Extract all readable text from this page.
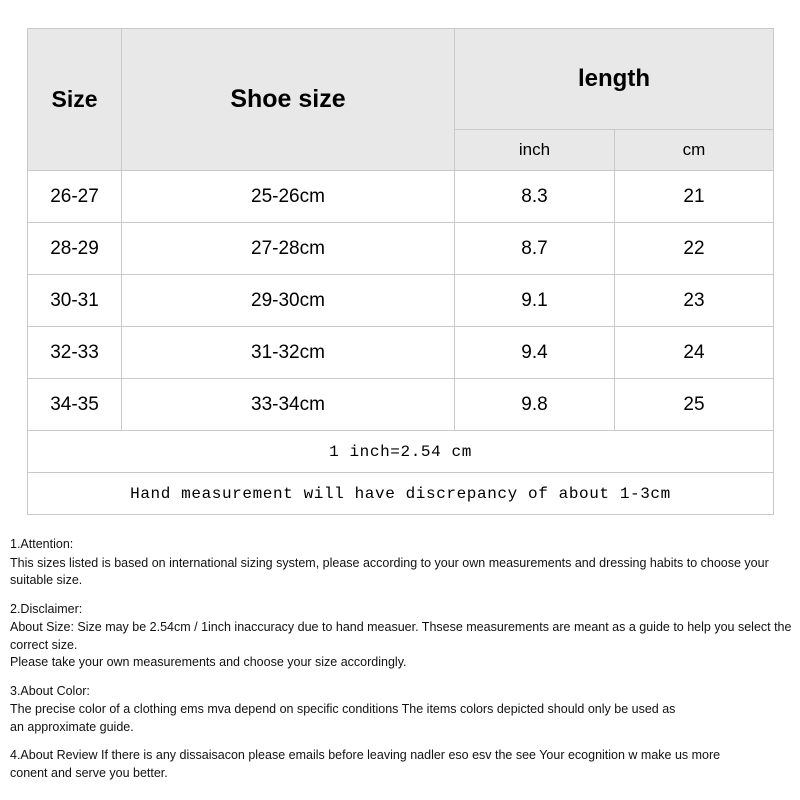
Size	Shoe size	length	
		inch	cm
26-27	25-26cm	8.3	21
28-29	27-28cm	8.7	22
30-31	29-30cm	9.1	23
32-33	31-32cm	9.4	24
34-35	33-34cm	9.8	25
1 inch=2.54 cm			
Hand measurement will have discrepancy of about 1-3cm			

1.Attention:

This sizes listed is based on international sizing system, please according to your own measurements and dressing habits to choose your suitable size.

2.Disclaimer:

About Size: Size may be 2.54cm / 1inch inaccuracy due to hand measuer. Thsese measurements are meant as a guide to help you select the correct size.

Please take your own measurements and choose your size accordingly.

3.About Color:

The precise color of a clothing ems mva depend on specific conditions The items colors depicted should only be used as

an approximate guide.

4.About Review If there is any dissaisacon please emails before leaving nadler eso esv the see Your ecognition w make us more

conent and serve you better.
